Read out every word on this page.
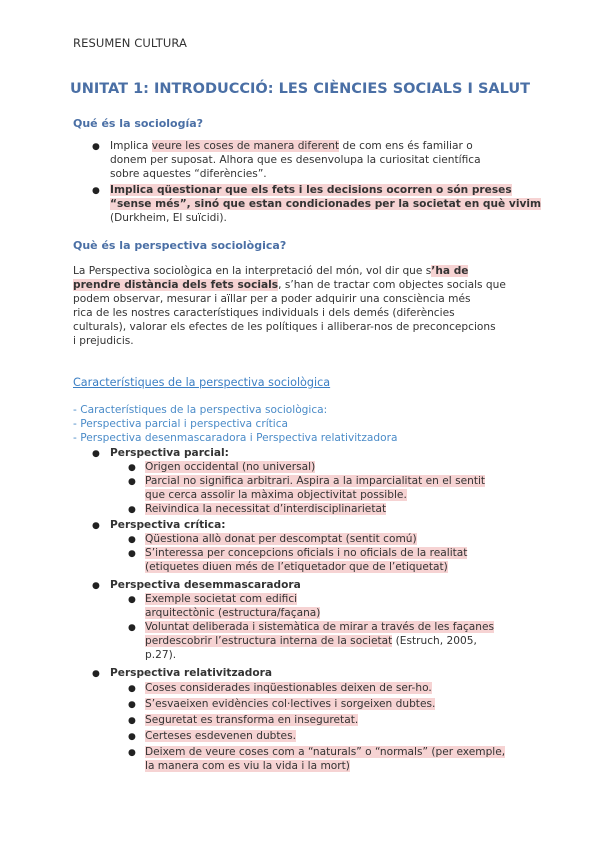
RESUMEN CULTURA
UNITAT 1: INTRODUCCIÓ: LES CIÈNCIES SOCIALS I SALUT
Qué és la sociología?
● Implica veure les coses de manera diferent de com ens és familiar o
donem per suposat. Alhora que es desenvolupa la curiositat científica
sobre aquestes “diferències”.
● Implica qüestionar que els fets i les decisions ocorren o són preses
“sense més”, sinó que estan condicionades per la societat en què vivim
(Durkheim, El suïcidi).
Què és la perspectiva sociològica?
La Perspectiva sociològica en la interpretació del món, vol dir que s’ha de
prendre distància dels fets socials, s’han de tractar com objectes socials que
podem observar, mesurar i aïllar per a poder adquirir una consciència més
rica de les nostres característiques individuals i dels demés (diferències
culturals), valorar els efectes de les polítiques i alliberar-nos de preconcepcions
i prejudicis.
Característiques de la perspectiva sociològica
- Característiques de la perspectiva sociològica:
- Perspectiva parcial i perspectiva crítica
- Perspectiva desenmascaradora i Perspectiva relativitzadora
● Perspectiva parcial:
● Origen occidental (no universal)
● Parcial no significa arbitrari. Aspira a la imparcialitat en el sentit
que cerca assolir la màxima objectivitat possible.
● Reivindica la necessitat d’interdisciplinarietat
● Perspectiva crítica:
● Qüestiona allò donat per descomptat (sentit comú)
● S’interessa per concepcions oficials i no oficials de la realitat
(etiquetes diuen més de l’etiquetador que de l’etiquetat)
● Perspectiva desemmascaradora
● Exemple societat com edifici
arquitectònic (estructura/façana)
● Voluntat deliberada i sistemàtica de mirar a través de les façanes
perdescobrir l’estructura interna de la societat (Estruch, 2005,
p.27).
● Perspectiva relativitzadora
● Coses considerades inqüestionables deixen de ser-ho.
● S’esvaeixen evidències col·lectives i sorgeixen dubtes.
● Seguretat es transforma en inseguretat.
● Certeses esdevenen dubtes.
● Deixem de veure coses com a “naturals” o “normals” (per exemple,
la manera com es viu la vida i la mort)
